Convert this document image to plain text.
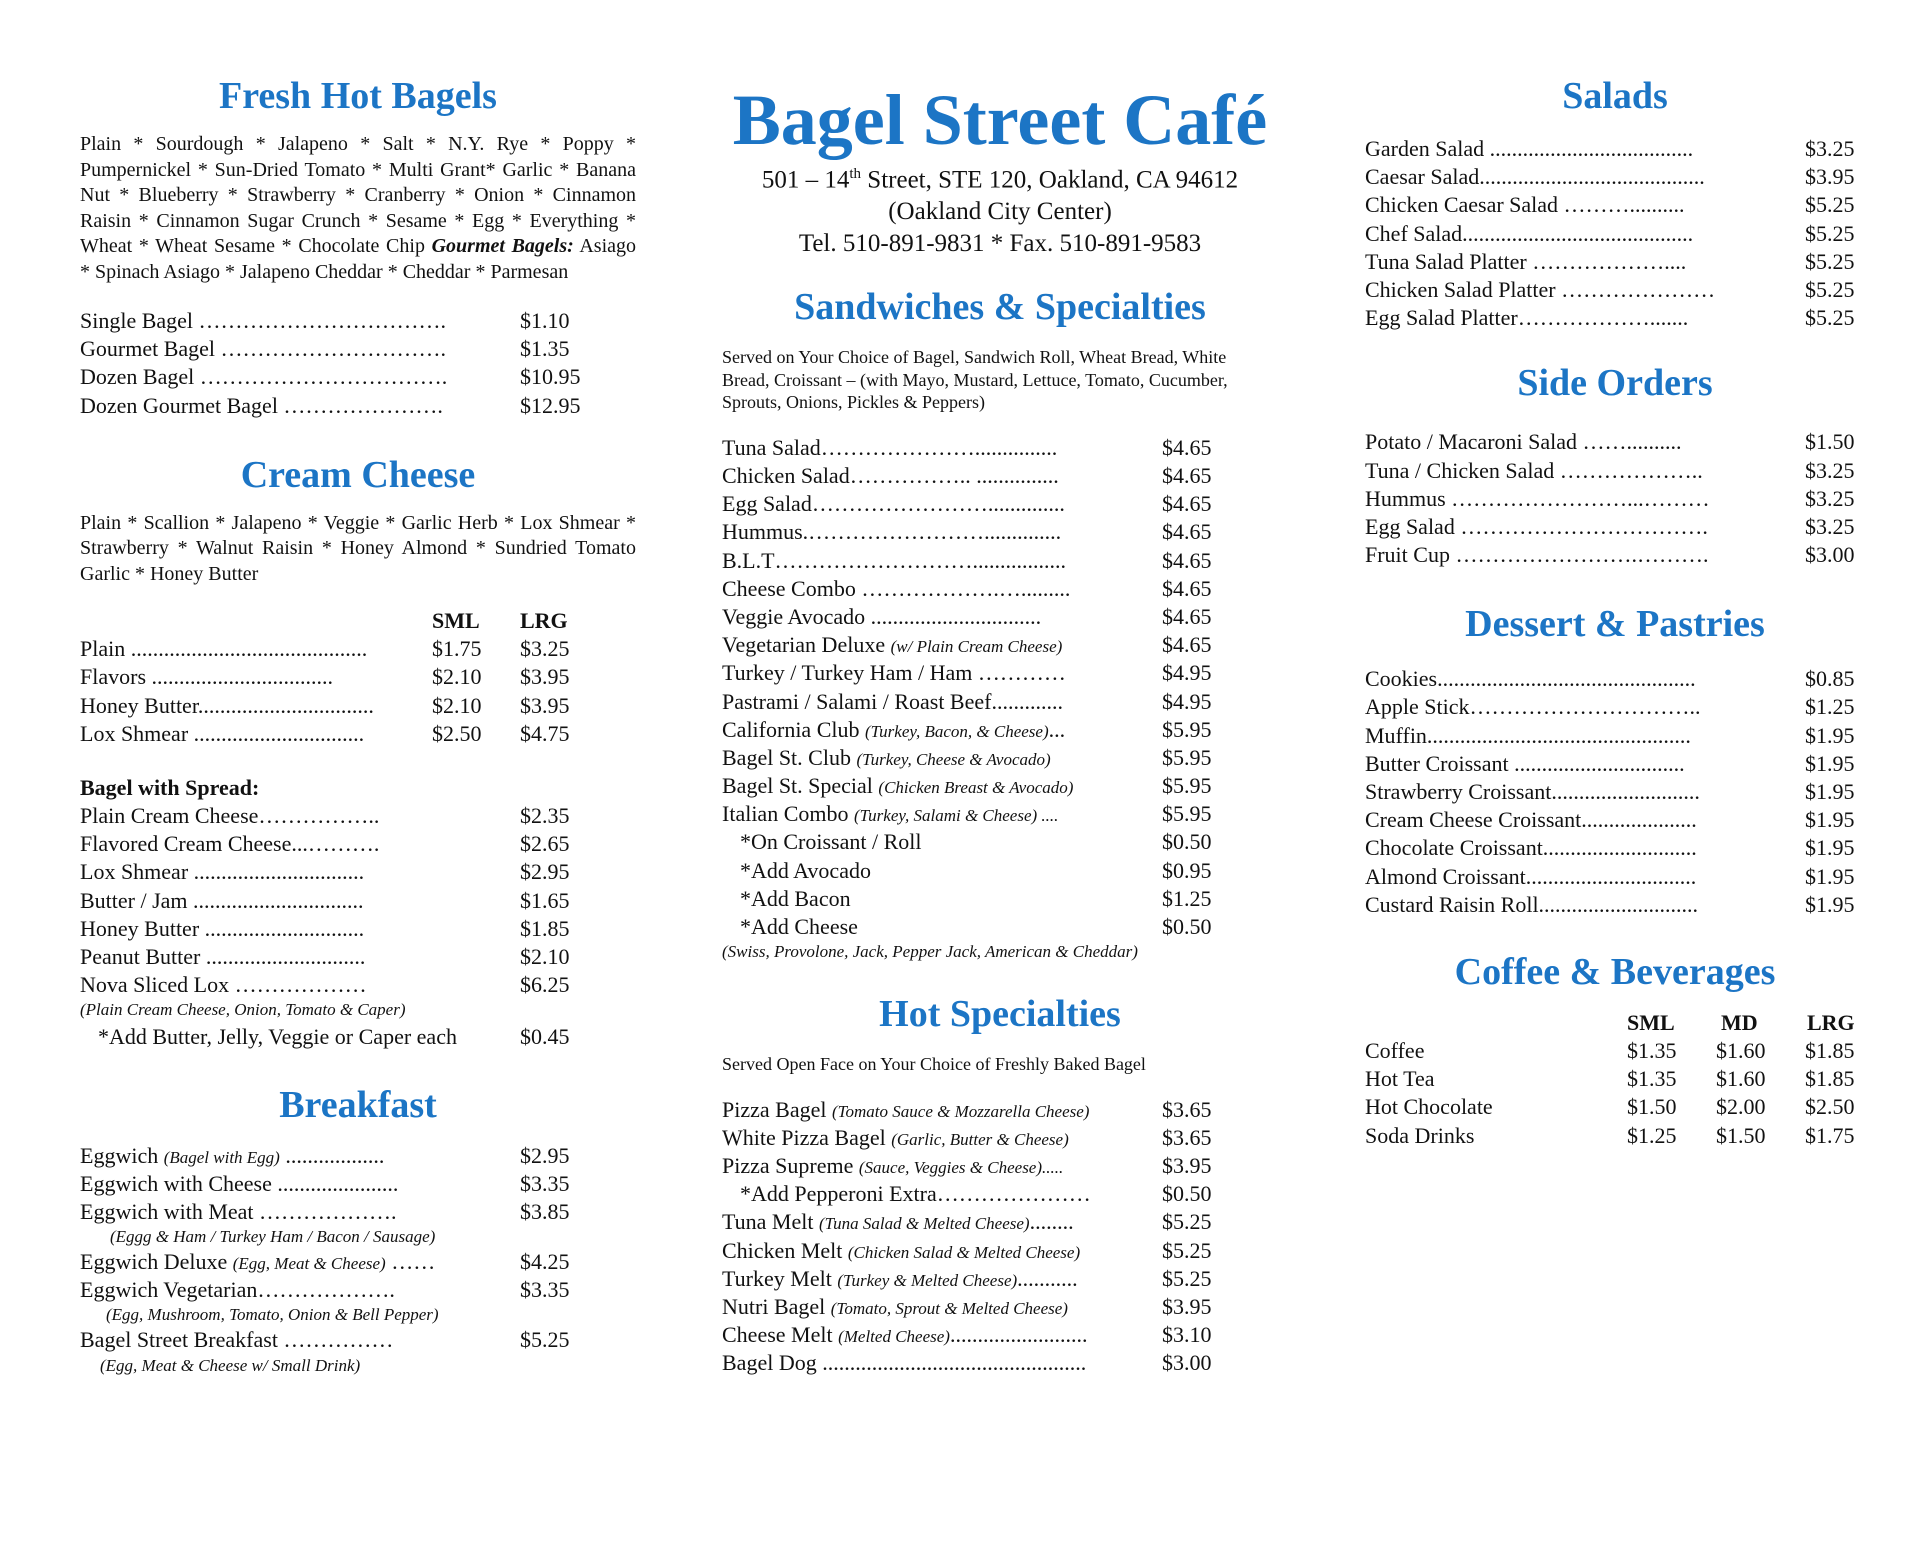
Fresh Hot Bagels
Plain * Sourdough * Jalapeno * Salt * N.Y. Rye * Poppy * Pumpernickel * Sun-Dried Tomato * Multi Grant* Garlic * Banana Nut * Blueberry * Strawberry * Cranberry * Onion * Cinnamon Raisin * Cinnamon Sugar Crunch * Sesame * Egg * Everything * Wheat * Wheat Sesame * Chocolate Chip Gourmet Bagels: Asiago * Spinach Asiago * Jalapeno Cheddar * Cheddar * Parmesan
Single Bagel …………………………….	$1.10
Gourmet Bagel ………………………….	$1.35
Dozen Bagel …………………………….	$10.95
Dozen Gourmet Bagel ………………….	$12.95
Cream Cheese
Plain * Scallion * Jalapeno * Veggie * Garlic Herb * Lox Shmear * Strawberry * Walnut Raisin * Honey Almond * Sundried Tomato Garlic * Honey Butter
SML LRG
Plain ...........................................	$1.75 $3.25
Flavors .................................	$2.10 $3.95
Honey Butter................................	$2.10 $3.95
Lox Shmear ...............................	$2.50 $4.75
Bagel with Spread:
Plain Cream Cheese……………..	$2.35
Flavored Cream Cheese...……….	$2.65
Lox Shmear ...............................	$2.95
Butter / Jam ...............................	$1.65
Honey Butter .............................	$1.85
Peanut Butter .............................	$2.10
Nova Sliced Lox ………………	$6.25
(Plain Cream Cheese, Onion, Tomato & Caper)
*Add Butter, Jelly, Veggie or Caper each	$0.45
Breakfast
Eggwich (Bagel with Egg) ..................	$2.95
Eggwich with Cheese ......................	$3.35
Eggwich with Meat ……………….	$3.85
(Eggg & Ham / Turkey Ham / Bacon / Sausage)
Eggwich Deluxe (Egg, Meat & Cheese) ……	$4.25
Eggwich Vegetarian……………….	$3.35
(Egg, Mushroom, Tomato, Onion & Bell Pepper)
Bagel Street Breakfast ……………	$5.25
(Egg, Meat & Cheese w/ Small Drink)
Bagel Street Café
501 – 14th Street, STE 120, Oakland, CA 94612
(Oakland City Center)
Tel. 510-891-9831 * Fax. 510-891-9583
Sandwiches & Specialties
Served on Your Choice of Bagel, Sandwich Roll, Wheat Bread, White Bread, Croissant – (with Mayo, Mustard, Lettuce, Tomato, Cucumber, Sprouts, Onions, Pickles & Peppers)
Tuna Salad…………………...............	$4.65
Chicken Salad…………….. ...............	$4.65
Egg Salad……………………..............	$4.65
Hummus.……………………..............	$4.65
B.L.T……………………….................	$4.65
Cheese Combo ……………….….........	$4.65
Veggie Avocado ...............................	$4.65
Vegetarian Deluxe (w/ Plain Cream Cheese)	$4.65
Turkey / Turkey Ham / Ham …………	$4.95
Pastrami / Salami / Roast Beef.............	$4.95
California Club (Turkey, Bacon, & Cheese)...	$5.95
Bagel St. Club (Turkey, Cheese & Avocado)	$5.95
Bagel St. Special (Chicken Breast & Avocado)	$5.95
Italian Combo (Turkey, Salami & Cheese) ....	$5.95
*On Croissant / Roll	$0.50
*Add Avocado	$0.95
*Add Bacon	$1.25
*Add Cheese	$0.50
(Swiss, Provolone, Jack, Pepper Jack, American & Cheddar)
Hot Specialties
Served Open Face on Your Choice of Freshly Baked Bagel
Pizza Bagel (Tomato Sauce & Mozzarella Cheese)	$3.65
White Pizza Bagel (Garlic, Butter & Cheese)	$3.65
Pizza Supreme (Sauce, Veggies & Cheese).....	$3.95
*Add Pepperoni Extra…………………	$0.50
Tuna Melt (Tuna Salad & Melted Cheese)........	$5.25
Chicken Melt (Chicken Salad & Melted Cheese)	$5.25
Turkey Melt (Turkey & Melted Cheese)...........	$5.25
Nutri Bagel (Tomato, Sprout & Melted Cheese)	$3.95
Cheese Melt (Melted Cheese).........................	$3.10
Bagel Dog ................................................	$3.00
Salads
Garden Salad .....................................	$3.25
Caesar Salad.........................................	$3.95
Chicken Caesar Salad ………..........	$5.25
Chef Salad..........................................	$5.25
Tuna Salad Platter ………………....	$5.25
Chicken Salad Platter …………………	$5.25
Egg Salad Platter……………….......	$5.25
Side Orders
Potato / Macaroni Salad ……..........	$1.50
Tuna / Chicken Salad ………………..	$3.25
Hummus ……………………...………	$3.25
Egg Salad …………………………….	$3.25
Fruit Cup …………………….……….	$3.00
Dessert & Pastries
Cookies...............................................	$0.85
Apple Stick…………………………..	$1.25
Muffin................................................	$1.95
Butter Croissant ...............................	$1.95
Strawberry Croissant...........................	$1.95
Cream Cheese Croissant.....................	$1.95
Chocolate Croissant............................	$1.95
Almond Croissant...............................	$1.95
Custard Raisin Roll.............................	$1.95
Coffee & Beverages
SML MD LRG
Coffee	$1.35 $1.60 $1.85
Hot Tea	$1.35 $1.60 $1.85
Hot Chocolate	$1.50 $2.00 $2.50
Soda Drinks	$1.25 $1.50 $1.75
